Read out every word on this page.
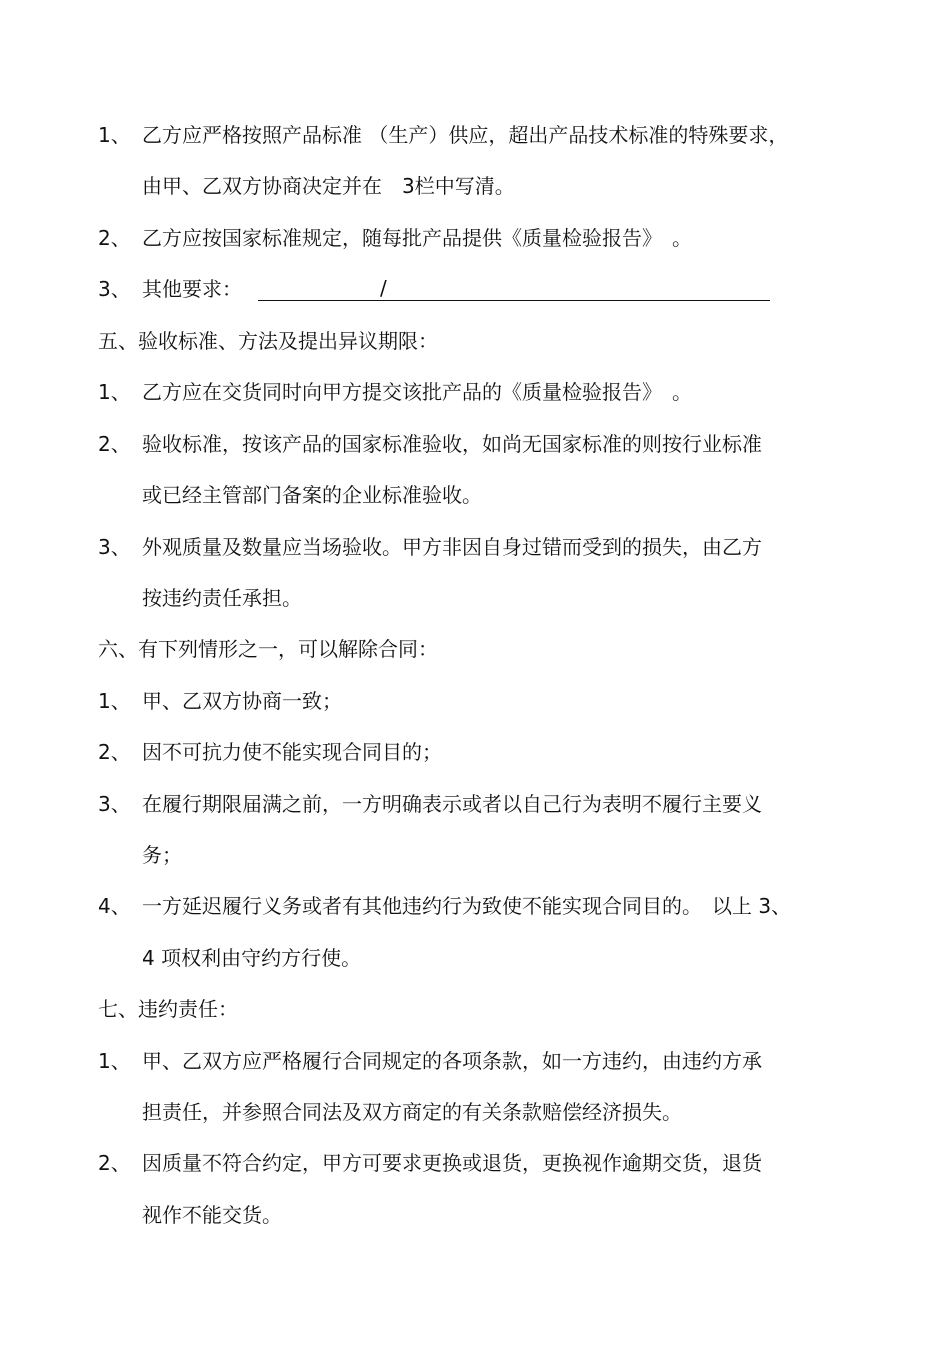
1、 乙方应严格按照产品标准 （生产）供应，超出产品技术标准的特殊要求，
由甲、乙双方协商决定并在　3栏中写清。
2、 乙方应按国家标准规定，随每批产品提供《质量检验报告》　。
3、 其他要求：	/
五、验收标准、方法及提出异议期限：
1、 乙方应在交货同时向甲方提交该批产品的《质量检验报告》　。
2、 验收标准，按该产品的国家标准验收，如尚无国家标准的则按行业标准
或已经主管部门备案的企业标准验收。
3、 外观质量及数量应当场验收。甲方非因自身过错而受到的损失，由乙方
按违约责任承担。
六、有下列情形之一，可以解除合同：
1、 甲、乙双方协商一致；
2、 因不可抗力使不能实现合同目的；
3、 在履行期限届满之前，一方明确表示或者以自己行为表明不履行主要义
务；
4、 一方延迟履行义务或者有其他违约行为致使不能实现合同目的。　以上 3、
4 项权利由守约方行使。
七、违约责任：
1、 甲、乙双方应严格履行合同规定的各项条款，如一方违约，由违约方承
担责任，并参照合同法及双方商定的有关条款赔偿经济损失。
2、 因质量不符合约定，甲方可要求更换或退货，更换视作逾期交货，退货
视作不能交货。
